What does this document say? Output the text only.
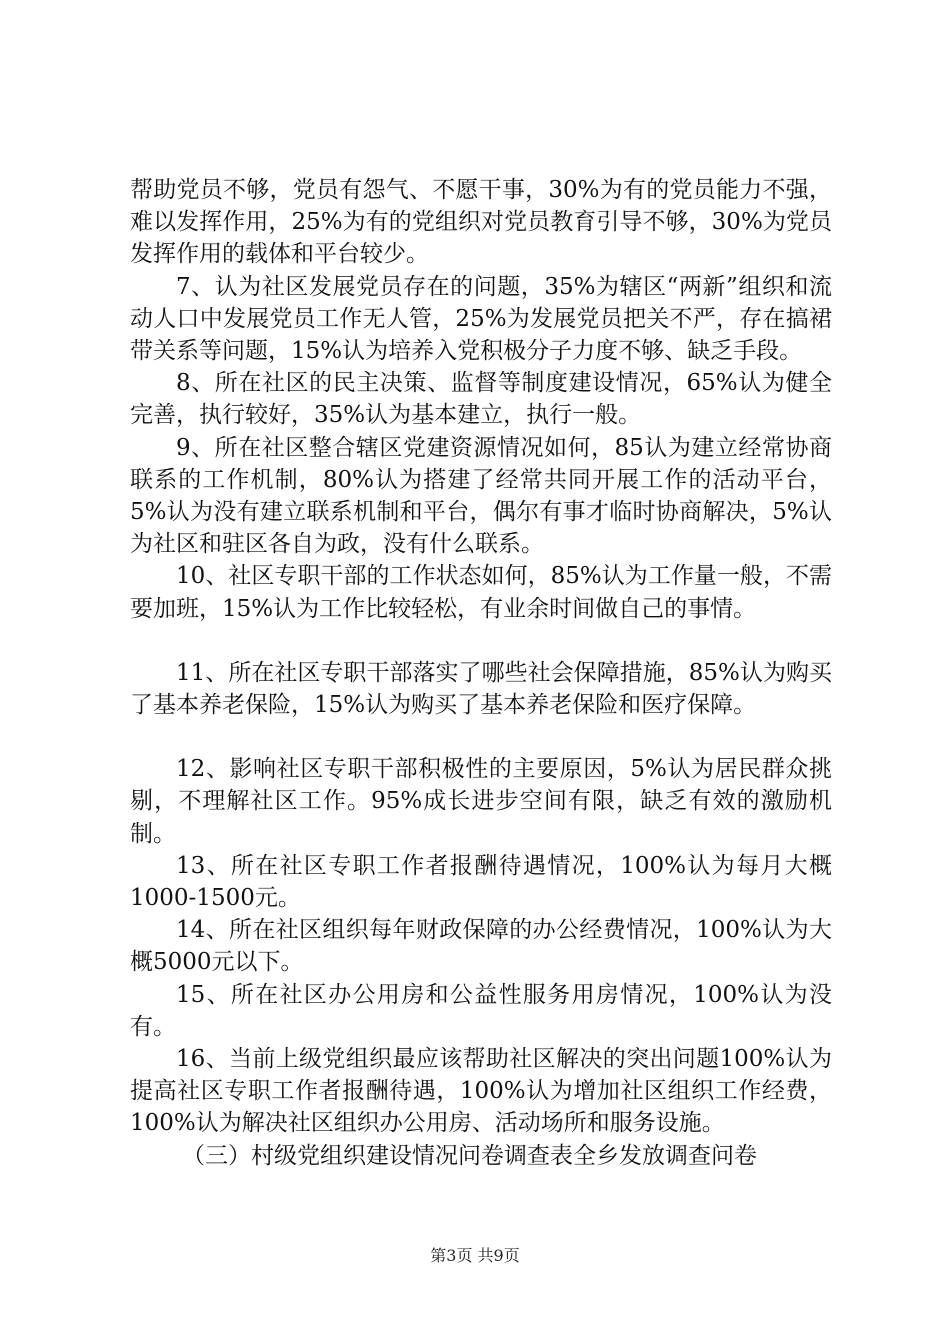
帮助党员不够，党员有怨气、不愿干事，30%为有的党员能力不强，难以发挥作用，25%为有的党组织对党员教育引导不够，30%为党员发挥作用的载体和平台较少。

7、认为社区发展党员存在的问题，35%为辖区“两新”组织和流动人口中发展党员工作无人管，25%为发展党员把关不严，存在搞裙带关系等问题，15%认为培养入党积极分子力度不够、缺乏手段。

8、所在社区的民主决策、监督等制度建设情况，65%认为健全完善，执行较好，35%认为基本建立，执行一般。

9、所在社区整合辖区党建资源情况如何，85认为建立经常协商联系的工作机制，80%认为搭建了经常共同开展工作的活动平台，5%认为没有建立联系机制和平台，偶尔有事才临时协商解决，5%认为社区和驻区各自为政，没有什么联系。

10、社区专职干部的工作状态如何，85%认为工作量一般，不需要加班，15%认为工作比较轻松，有业余时间做自己的事情。

11、所在社区专职干部落实了哪些社会保障措施，85%认为购买了基本养老保险，15%认为购买了基本养老保险和医疗保障。

12、影响社区专职干部积极性的主要原因，5%认为居民群众挑剔，不理解社区工作。95%成长进步空间有限，缺乏有效的激励机制。

13、所在社区专职工作者报酬待遇情况，100%认为每月大概1000-1500元。

14、所在社区组织每年财政保障的办公经费情况，100%认为大概5000元以下。

15、所在社区办公用房和公益性服务用房情况，100%认为没有。

16、当前上级党组织最应该帮助社区解决的突出问题100%认为提高社区专职工作者报酬待遇，100%认为增加社区组织工作经费，100%认为解决社区组织办公用房、活动场所和服务设施。

（三）村级党组织建设情况问卷调查表全乡发放调查问卷

第3页 共9页
